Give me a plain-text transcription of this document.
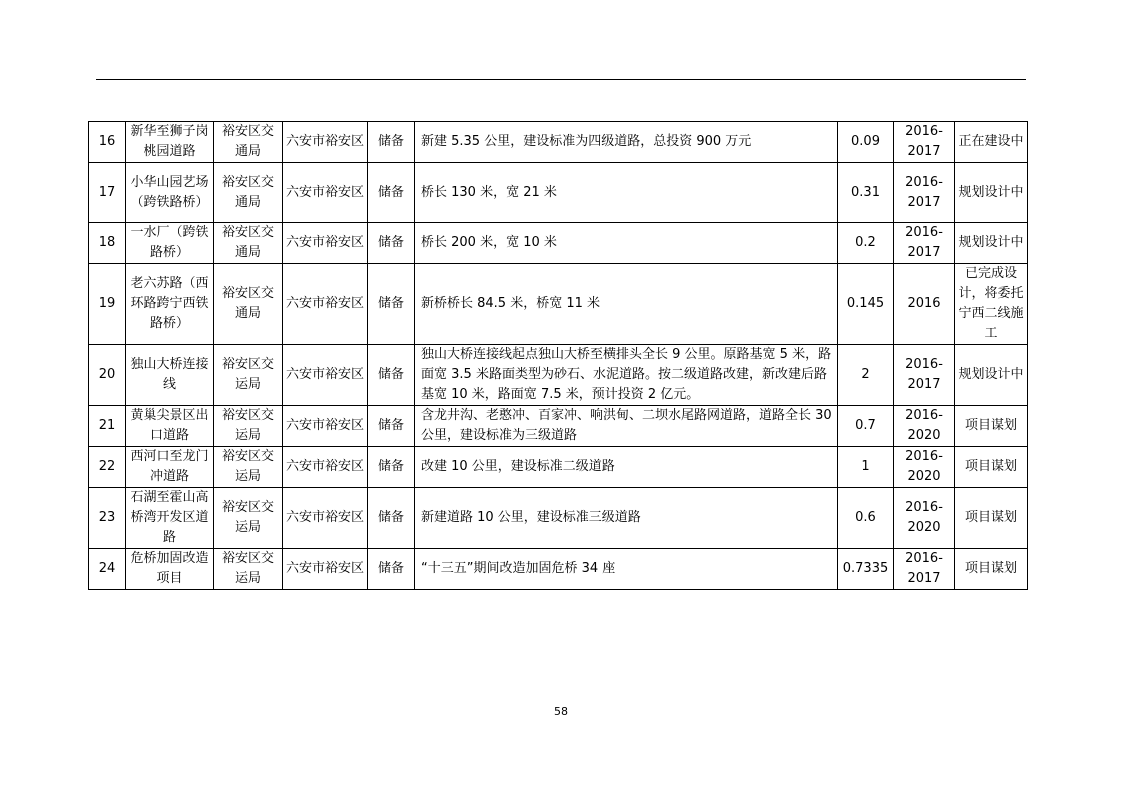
16	新华至狮子岗桃园道路	裕安区交通局	六安市裕安区	储备	新建 5.35 公里，建设标准为四级道路，总投资 900 万元	0.09	2016-2017	正在建设中
17	小华山园艺场（跨铁路桥）	裕安区交通局	六安市裕安区	储备	桥长 130 米，宽 21 米	0.31	2016-2017	规划设计中
18	一水厂（跨铁路桥）	裕安区交通局	六安市裕安区	储备	桥长 200 米，宽 10 米	0.2	2016-2017	规划设计中
19	老六苏路（西环路跨宁西铁路桥）	裕安区交通局	六安市裕安区	储备	新桥桥长 84.5 米，桥宽 11 米	0.145	2016	已完成设计，将委托宁西二线施工
20	独山大桥连接线	裕安区交运局	六安市裕安区	储备	独山大桥连接线起点独山大桥至横排头全长 9 公里。原路基宽 5 米，路面宽 3.5 米路面类型为砂石、水泥道路。按二级道路改建，新改建后路基宽 10 米，路面宽 7.5 米，预计投资 2 亿元。	2	2016-2017	规划设计中
21	黄巢尖景区出口道路	裕安区交运局	六安市裕安区	储备	含龙井沟、老憨冲、百家冲、响洪甸、二坝水尾路网道路，道路全长 30 公里，建设标准为三级道路	0.7	2016-2020	项目谋划
22	西河口至龙门冲道路	裕安区交运局	六安市裕安区	储备	改建 10 公里，建设标准二级道路	1	2016-2020	项目谋划
23	石湖至霍山高桥湾开发区道路	裕安区交运局	六安市裕安区	储备	新建道路 10 公里，建设标准三级道路	0.6	2016-2020	项目谋划
24	危桥加固改造项目	裕安区交运局	六安市裕安区	储备	“十三五”期间改造加固危桥 34 座	0.7335	2016-2017	项目谋划
58
